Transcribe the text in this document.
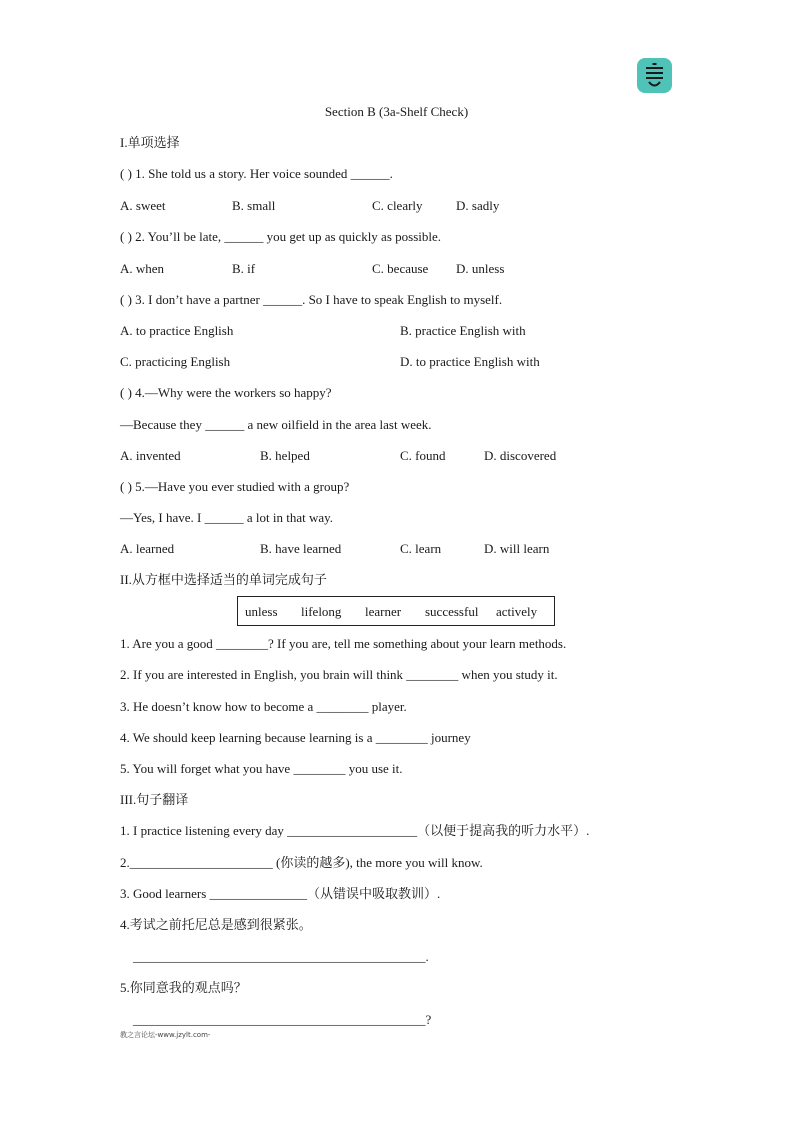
Section B (3a-Shelf Check)
I.单项选择
( ) 1. She told us a story. Her voice sounded ______.
A. sweet	B. small	C. clearly	D. sadly
( ) 2. You’ll be late, ______ you get up as quickly as possible.
A. when	B. if	C. because D. unless
( ) 3. I don’t have a partner ______. So I have to speak English to myself.
A. to practice English	B. practice English with
C. practicing English	D. to practice English with
( ) 4.—Why were the workers so happy?
—Because they ______ a new oilfield in the area last week.
A. invented	B. helped	C. found	D. discovered
( ) 5.—Have you ever studied with a group?
—Yes, I have. I ______ a lot in that way.
A. learned	B. have learned	C. learn	D. will learn
II.从方框中选择适当的单词完成句子
unless lifelong learner successful actively
1. Are you a good ________? If you are, tell me something about your learn methods.
2. If you are interested in English, you brain will think ________ when you study it.
3. He doesn’t know how to become a ________ player.
4. We should keep learning because learning is a ________ journey
5. You will forget what you have ________ you use it.
III.句子翻译
1. I practice listening every day ____________________（以便于提高我的听力水平）.
2.______________________ (你读的越多), the more you will know.
3. Good learners _______________（从错误中吸取教训）.
4.考试之前托尼总是感到很紧张。
_____________________________________________.
5.你同意我的观点吗？
_____________________________________________?
教之言论坛-www.jzylt.com-
